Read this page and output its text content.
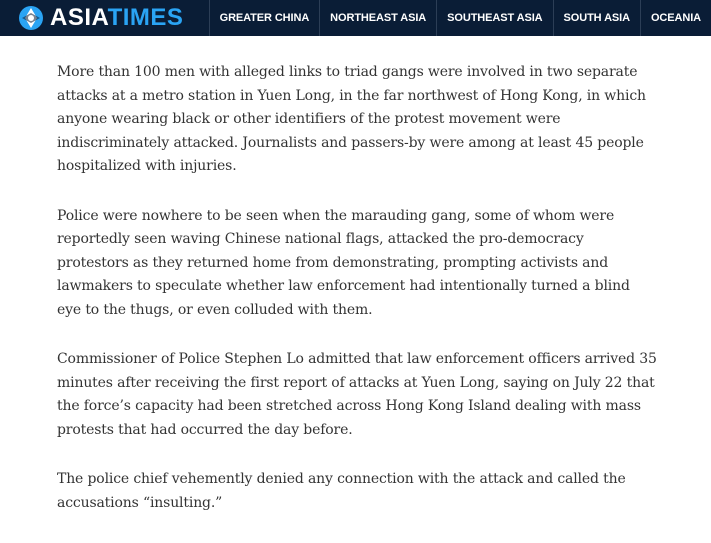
ASIATIMES	GREATER CHINA	NORTHEAST ASIA	SOUTHEAST ASIA	SOUTH ASIA	OCEANIA

More than 100 men with alleged links to triad gangs were involved in two separate attacks at a metro station in Yuen Long, in the far northwest of Hong Kong, in which anyone wearing black or other identifiers of the protest movement were indiscriminately attacked. Journalists and passers-by were among at least 45 people hospitalized with injuries.

Police were nowhere to be seen when the marauding gang, some of whom were reportedly seen waving Chinese national flags, attacked the pro-democracy protestors as they returned home from demonstrating, prompting activists and lawmakers to speculate whether law enforcement had intentionally turned a blind eye to the thugs, or even colluded with them.

Commissioner of Police Stephen Lo admitted that law enforcement officers arrived 35 minutes after receiving the first report of attacks at Yuen Long, saying on July 22 that the force’s capacity had been stretched across Hong Kong Island dealing with mass protests that had occurred the day before.

The police chief vehemently denied any connection with the attack and called the accusations “insulting.”
